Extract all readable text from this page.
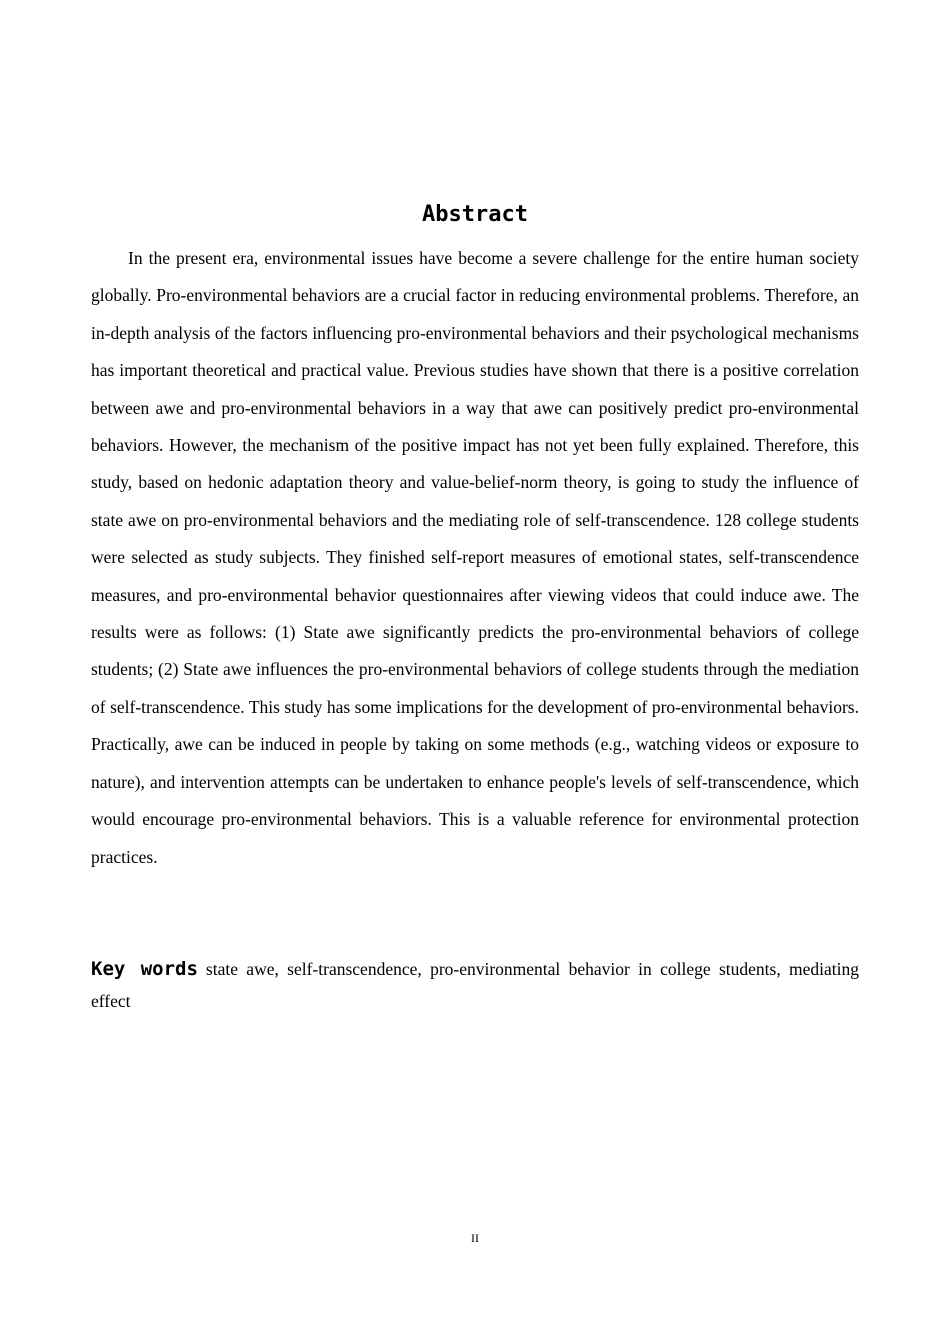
Abstract

In the present era, environmental issues have become a severe challenge for the entire human society globally. Pro-environmental behaviors are a crucial factor in reducing environmental problems. Therefore, an in-depth analysis of the factors influencing pro-environmental behaviors and their psychological mechanisms has important theoretical and practical value. Previous studies have shown that there is a positive correlation between awe and pro-environmental behaviors in a way that awe can positively predict pro-environmental behaviors. However, the mechanism of the positive impact has not yet been fully explained. Therefore, this study, based on hedonic adaptation theory and value-belief-norm theory, is going to study the influence of state awe on pro-environmental behaviors and the mediating role of self-transcendence. 128 college students were selected as study subjects. They finished self-report measures of emotional states, self-transcendence measures, and pro-environmental behavior questionnaires after viewing videos that could induce awe. The results were as follows: (1) State awe significantly predicts the pro-environmental behaviors of college students; (2) State awe influences the pro-environmental behaviors of college students through the mediation of self-transcendence. This study has some implications for the development of pro-environmental behaviors. Practically, awe can be induced in people by taking on some methods (e.g., watching videos or exposure to nature), and intervention attempts can be undertaken to enhance people's levels of self-transcendence, which would encourage pro-environmental behaviors. This is a valuable reference for environmental protection practices.

Key words state awe, self-transcendence, pro-environmental behavior in college students, mediating effect

II
